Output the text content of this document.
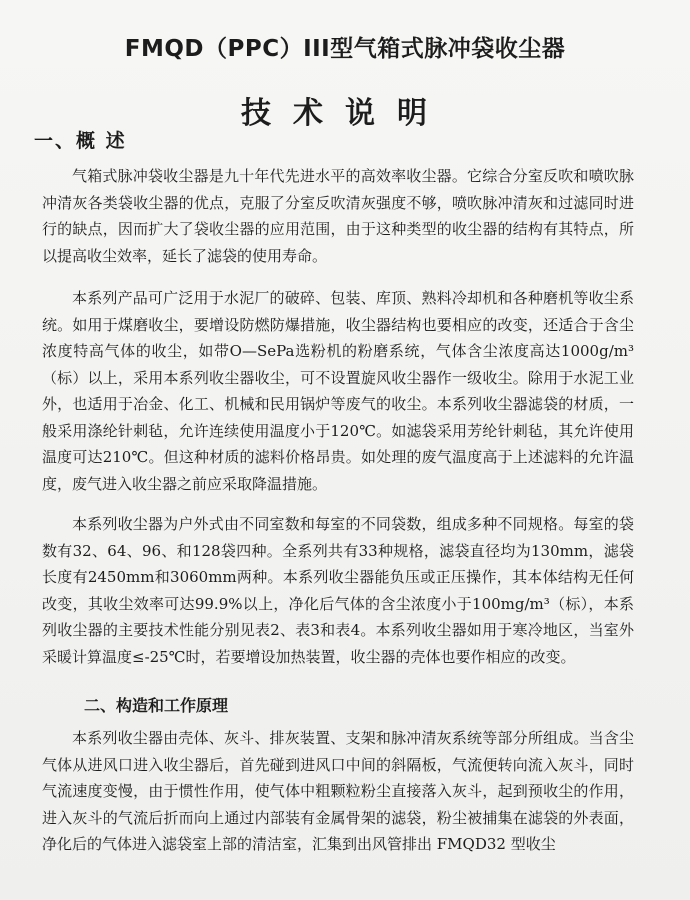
FMQD（PPC）III型气箱式脉冲袋收尘器
技术说明
一、概 述

气箱式脉冲袋收尘器是九十年代先进水平的高效率收尘器。它综合分室反吹和喷吹脉冲清灰各类袋收尘器的优点，克服了分室反吹清灰强度不够，喷吹脉冲清灰和过滤同时进行的缺点，因而扩大了袋收尘器的应用范围，由于这种类型的收尘器的结构有其特点，所以提高收尘效率，延长了滤袋的使用寿命。

本系列产品可广泛用于水泥厂的破碎、包装、库顶、熟料冷却机和各种磨机等收尘系统。如用于煤磨收尘，要增设防燃防爆措施，收尘器结构也要相应的改变，还适合于含尘浓度特高气体的收尘，如带O—SePa选粉机的粉磨系统，气体含尘浓度高达1000g/m³（标）以上，采用本系列收尘器收尘，可不设置旋风收尘器作一级收尘。除用于水泥工业外，也适用于冶金、化工、机械和民用锅炉等废气的收尘。本系列收尘器滤袋的材质，一般采用涤纶针刺毡，允许连续使用温度小于120℃。如滤袋采用芳纶针刺毡，其允许使用温度可达210℃。但这种材质的滤料价格昂贵。如处理的废气温度高于上述滤料的允许温度，废气进入收尘器之前应采取降温措施。

本系列收尘器为户外式由不同室数和每室的不同袋数，组成多种不同规格。每室的袋数有32、64、96、和128袋四种。全系列共有33种规格，滤袋直径均为130mm，滤袋长度有2450mm和3060mm两种。本系列收尘器能负压或正压操作，其本体结构无任何改变，其收尘效率可达99.9%以上，净化后气体的含尘浓度小于100mg/m³（标），本系列收尘器的主要技术性能分别见表2、表3和表4。本系列收尘器如用于寒冷地区，当室外采暖计算温度≤-25℃时，若要增设加热装置，收尘器的壳体也要作相应的改变。

二、构造和工作原理

本系列收尘器由壳体、灰斗、排灰装置、支架和脉冲清灰系统等部分所组成。当含尘气体从进风口进入收尘器后，首先碰到进风口中间的斜隔板，气流便转向流入灰斗，同时气流速度变慢，由于惯性作用，使气体中粗颗粒粉尘直接落入灰斗，起到预收尘的作用，进入灰斗的气流后折而向上通过内部装有金属骨架的滤袋，粉尘被捕集在滤袋的外表面，净化后的气体进入滤袋室上部的清洁室，汇集到出风管排出 FMQD32 型收尘
